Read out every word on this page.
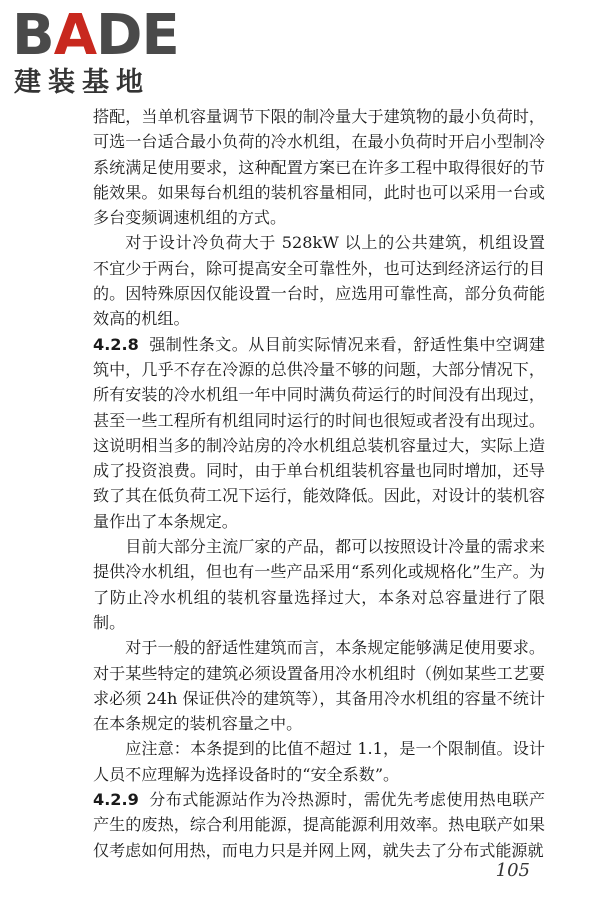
BADE
建装基地

搭配，当单机容量调节下限的制冷量大于建筑物的最小负荷时，可选一台适合最小负荷的冷水机组，在最小负荷时开启小型制冷系统满足使用要求，这种配置方案已在许多工程中取得很好的节能效果。如果每台机组的装机容量相同，此时也可以采用一台或多台变频调速机组的方式。

对于设计冷负荷大于 528kW 以上的公共建筑，机组设置不宜少于两台，除可提高安全可靠性外，也可达到经济运行的目的。因特殊原因仅能设置一台时，应选用可靠性高，部分负荷能效高的机组。

4.2.8 强制性条文。从目前实际情况来看，舒适性集中空调建筑中，几乎不存在冷源的总供冷量不够的问题，大部分情况下，所有安装的冷水机组一年中同时满负荷运行的时间没有出现过，甚至一些工程所有机组同时运行的时间也很短或者没有出现过。这说明相当多的制冷站房的冷水机组总装机容量过大，实际上造成了投资浪费。同时，由于单台机组装机容量也同时增加，还导致了其在低负荷工况下运行，能效降低。因此，对设计的装机容量作出了本条规定。

目前大部分主流厂家的产品，都可以按照设计冷量的需求来提供冷水机组，但也有一些产品采用“系列化或规格化”生产。为了防止冷水机组的装机容量选择过大，本条对总容量进行了限制。

对于一般的舒适性建筑而言，本条规定能够满足使用要求。对于某些特定的建筑必须设置备用冷水机组时（例如某些工艺要求必须 24h 保证供冷的建筑等），其备用冷水机组的容量不统计在本条规定的装机容量之中。

应注意：本条提到的比值不超过 1.1，是一个限制值。设计人员不应理解为选择设备时的“安全系数”。

4.2.9 分布式能源站作为冷热源时，需优先考虑使用热电联产产生的废热，综合利用能源，提高能源利用效率。热电联产如果仅考虑如何用热，而电力只是并网上网，就失去了分布式能源就

105
